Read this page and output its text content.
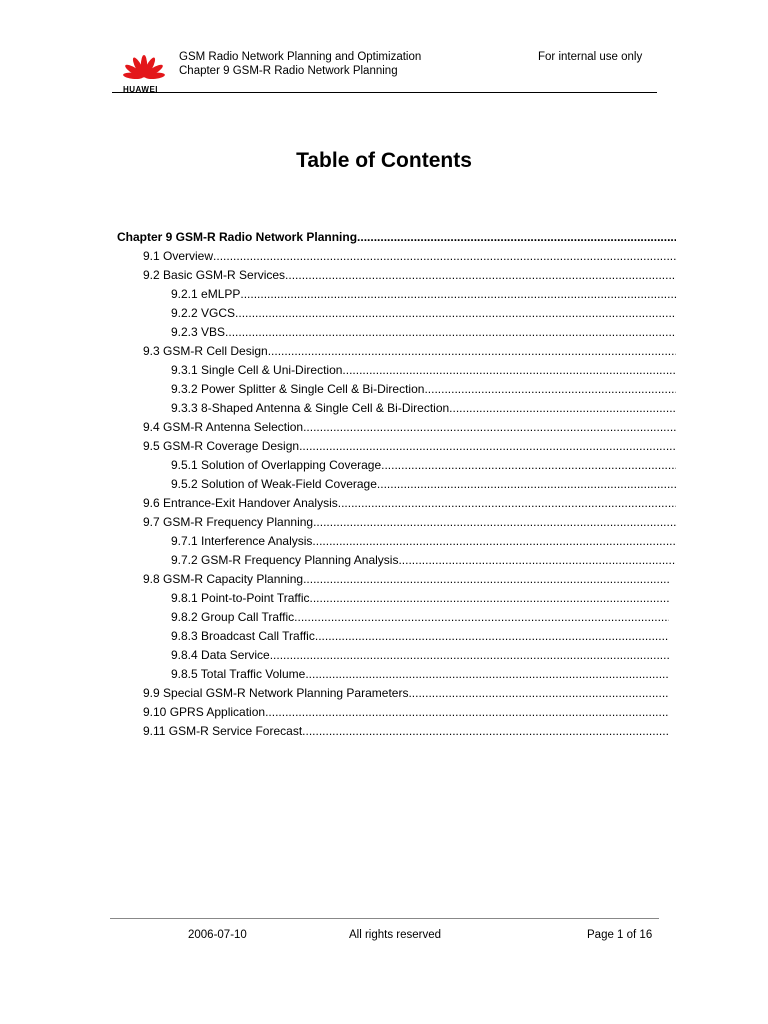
HUAWEI
GSM Radio Network Planning and Optimization
Chapter 9 GSM-R Radio Network Planning
For internal use only
Table of Contents
Chapter 9 GSM-R Radio Network Planning
.....
9.1 Overview
.....
9.2 Basic GSM-R Services
.....
9.2.1 eMLPP
.....
9.2.2 VGCS
.....
9.2.3 VBS
.....
9.3 GSM-R Cell Design
.....
9.3.1 Single Cell & Uni-Direction
.....
9.3.2 Power Splitter & Single Cell & Bi-Direction
.....
9.3.3 8-Shaped Antenna & Single Cell & Bi-Direction
.....
9.4 GSM-R Antenna Selection
.....
9.5 GSM-R Coverage Design
.....
9.5.1 Solution of Overlapping Coverage
.....
9.5.2 Solution of Weak-Field Coverage
.....
9.6 Entrance-Exit Handover Analysis
.....
9.7 GSM-R Frequency Planning
.....
9.7.1 Interference Analysis
.....
9.7.2 GSM-R Frequency Planning Analysis
.....
9.8 GSM-R Capacity Planning
.....
9.8.1 Point-to-Point Traffic
.....
9.8.2 Group Call Traffic
.....
9.8.3 Broadcast Call Traffic
.....
9.8.4 Data Service
.....
9.8.5 Total Traffic Volume
.....
9.9 Special GSM-R Network Planning Parameters
.....
9.10 GPRS Application
.....
9.11 GSM-R Service Forecast
.....
2006-07-10	All rights reserved	Page 1 of 16
